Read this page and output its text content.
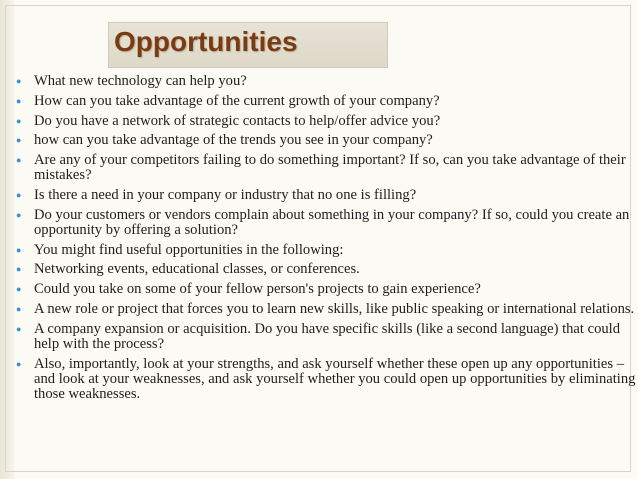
Opportunities
● What new technology can help you?
● How can you take advantage of the current growth of your company?
● Do you have a network of strategic contacts to help/offer advice you?
● how can you take advantage of the trends you see in your company?
● Are any of your competitors failing to do something important? If so, can you take advantage of their mistakes?
● Is there a need in your company or industry that no one is filling?
● Do your customers or vendors complain about something in your company? If so, could you create an opportunity by offering a solution?
● You might find useful opportunities in the following:
● Networking events, educational classes, or conferences.
● Could you take on some of your fellow person's projects to gain experience?
● A new role or project that forces you to learn new skills, like public speaking or international relations.
● A company expansion or acquisition. Do you have specific skills (like a second language) that could help with the process?
● Also, importantly, look at your strengths, and ask yourself whether these open up any opportunities – and look at your weaknesses, and ask yourself whether you could open up opportunities by eliminating those weaknesses.
